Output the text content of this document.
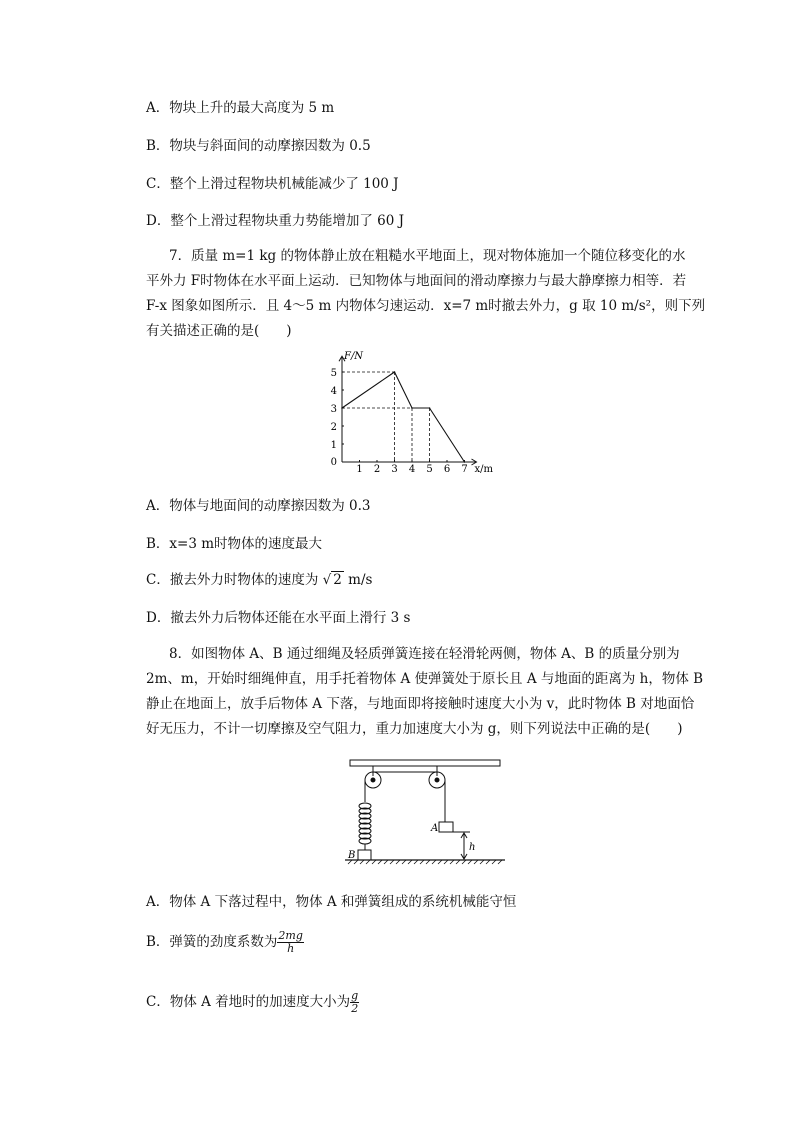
A．物块上升的最大高度为 5 m
B．物块与斜面间的动摩擦因数为 0.5
C．整个上滑过程物块机械能减少了 100 J
D．整个上滑过程物块重力势能增加了 60 J
7．质量 m=1 kg 的物体静止放在粗糙水平地面上，现对物体施加一个随位移变化的水
平外力 F时物体在水平面上运动．已知物体与地面间的滑动摩擦力与最大静摩擦力相等．若
F-x 图象如图所示．且 4～5 m 内物体匀速运动．x=7 m时撤去外力，g 取 10 m/s²，则下列
有关描述正确的是(　　)
1 2 3 4 5 6 7
0
1
2
3
4
5
F/N
x/m
A．物体与地面间的动摩擦因数为 0.3
B．x=3 m时物体的速度最大
C．撤去外力时物体的速度为 √ 2 m/s
D．撤去外力后物体还能在水平面上滑行 3 s
8．如图物体 A、B 通过细绳及轻质弹簧连接在轻滑轮两侧，物体 A、B 的质量分别为
2m、m，开始时细绳伸直，用手托着物体 A 使弹簧处于原长且 A 与地面的距离为 h，物体 B
静止在地面上，放手后物体 A 下落，与地面即将接触时速度大小为 v，此时物体 B 对地面恰
好无压力，不计一切摩擦及空气阻力，重力加速度大小为 g，则下列说法中正确的是(　　)
A
B
h
A．物体 A 下落过程中，物体 A 和弹簧组成的系统机械能守恒
B．弹簧的劲度系数为 $\frac{2mg}{h}$
C．物体 A 着地时的加速度大小为 $\frac{g}{2}$
